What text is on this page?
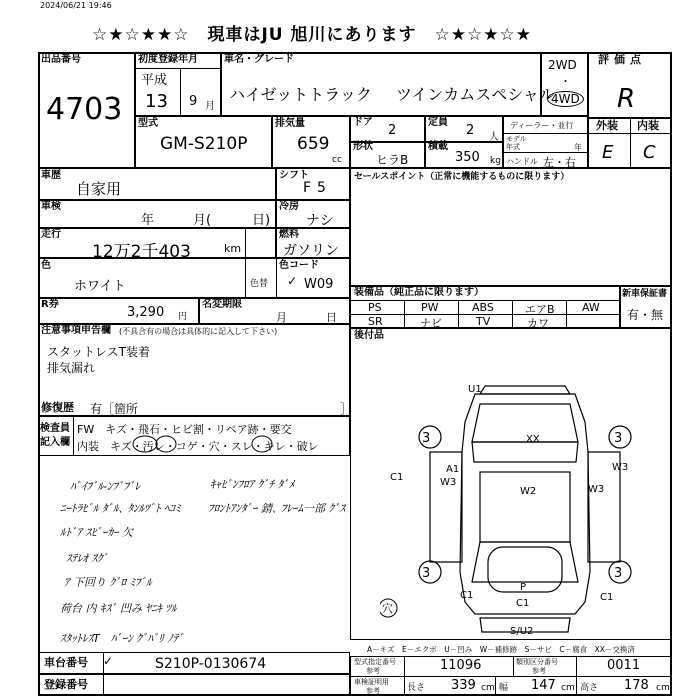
2024/06/21 19:46
☆★☆★★☆　現車はJU 旭川にあります　☆★☆★☆★
出品番号
4703
初度登録年月
平成
13 9 月
車名・グレード
ハイゼットトラック ツインカムスペシャル
2WD
・
4WD
評価点
R
型式
GM-S210P
排気量
659
cc
ドア
2
定員
2 人
ディーラー・並行
モデル年式	年
ハンドル 左・右
形状
ヒラB
積載
350 kg
外装 内装
E C
車歴
自家用
シフト
F5
車検
年	月(	日)
冷房
ナシ
走行
12万2千403	km
燃料
ガソリン
色
ホワイト	色替
色コード
W09
✓
R券
3,290 円
名変期限
月	日
注意事項申告欄 (不具合有の場合は具体的に記入して下さい)
スタットレスT装着
排気漏れ
修復歴 有［箇所	］
検査員
記入欄
FW　キズ・飛石・ヒビ割・リペア跡・要交
内装　キズ・汚レ・コゲ・穴・スレ・キレ・破レ
ﾊﾞｲﾌﾞﾙ-ﾝﾌﾞﾌﾞﾚ	ｷｬﾋﾞﾝﾌﾛｱ ｸﾞﾁ ﾀﾞﾒ
ﾆｰﾄﾗﾋﾞﾙ ﾀﾞﾙ､ ﾀﾝﾙﾂﾞﾄ ﾍｺﾐ	ﾌﾛﾝﾄｱﾝﾀﾞｰ 錆､ ﾌﾚｰﾑ一部 ｸﾞｽ
ﾙﾄﾞｱ ｽﾋﾟｰｶｰ 欠
ｽﾃﾚｵ ｽｸﾞ
ｱ 下回り ｸﾞﾛ ﾐﾌﾞﾙ
荷台 内 ｷｽﾞ 凹み ﾔﾆｷ ﾂﾙ
ｽﾀｯﾄﾚｽT　ﾊﾞｰﾝ ｸﾞﾊﾞﾘ ﾉﾃﾞ
セールスポイント（正常に機能するものに限ります）
装備品（純正品に限ります）
PS	PW	ABS	エアB AW
SR	ナビ	TV	カワ
新車保証書
有・無
後付品
XX
W2
W3
W3
W3
A1
P
C1
C1
C1
U1
S/U2
3	3
3	3
C1
穴
A－キズ　E－エクボ　U－凹み　W－補修跡　S－サビ　C－腐食　XX－交換済
車台番号 ✓	S210P-0130674
登録番号
型式指定番号
参考	11096	類別区分番号
参考	0011
車検証明用
参考	長さ 339 cm 幅 147 cm 高さ 178 cm
